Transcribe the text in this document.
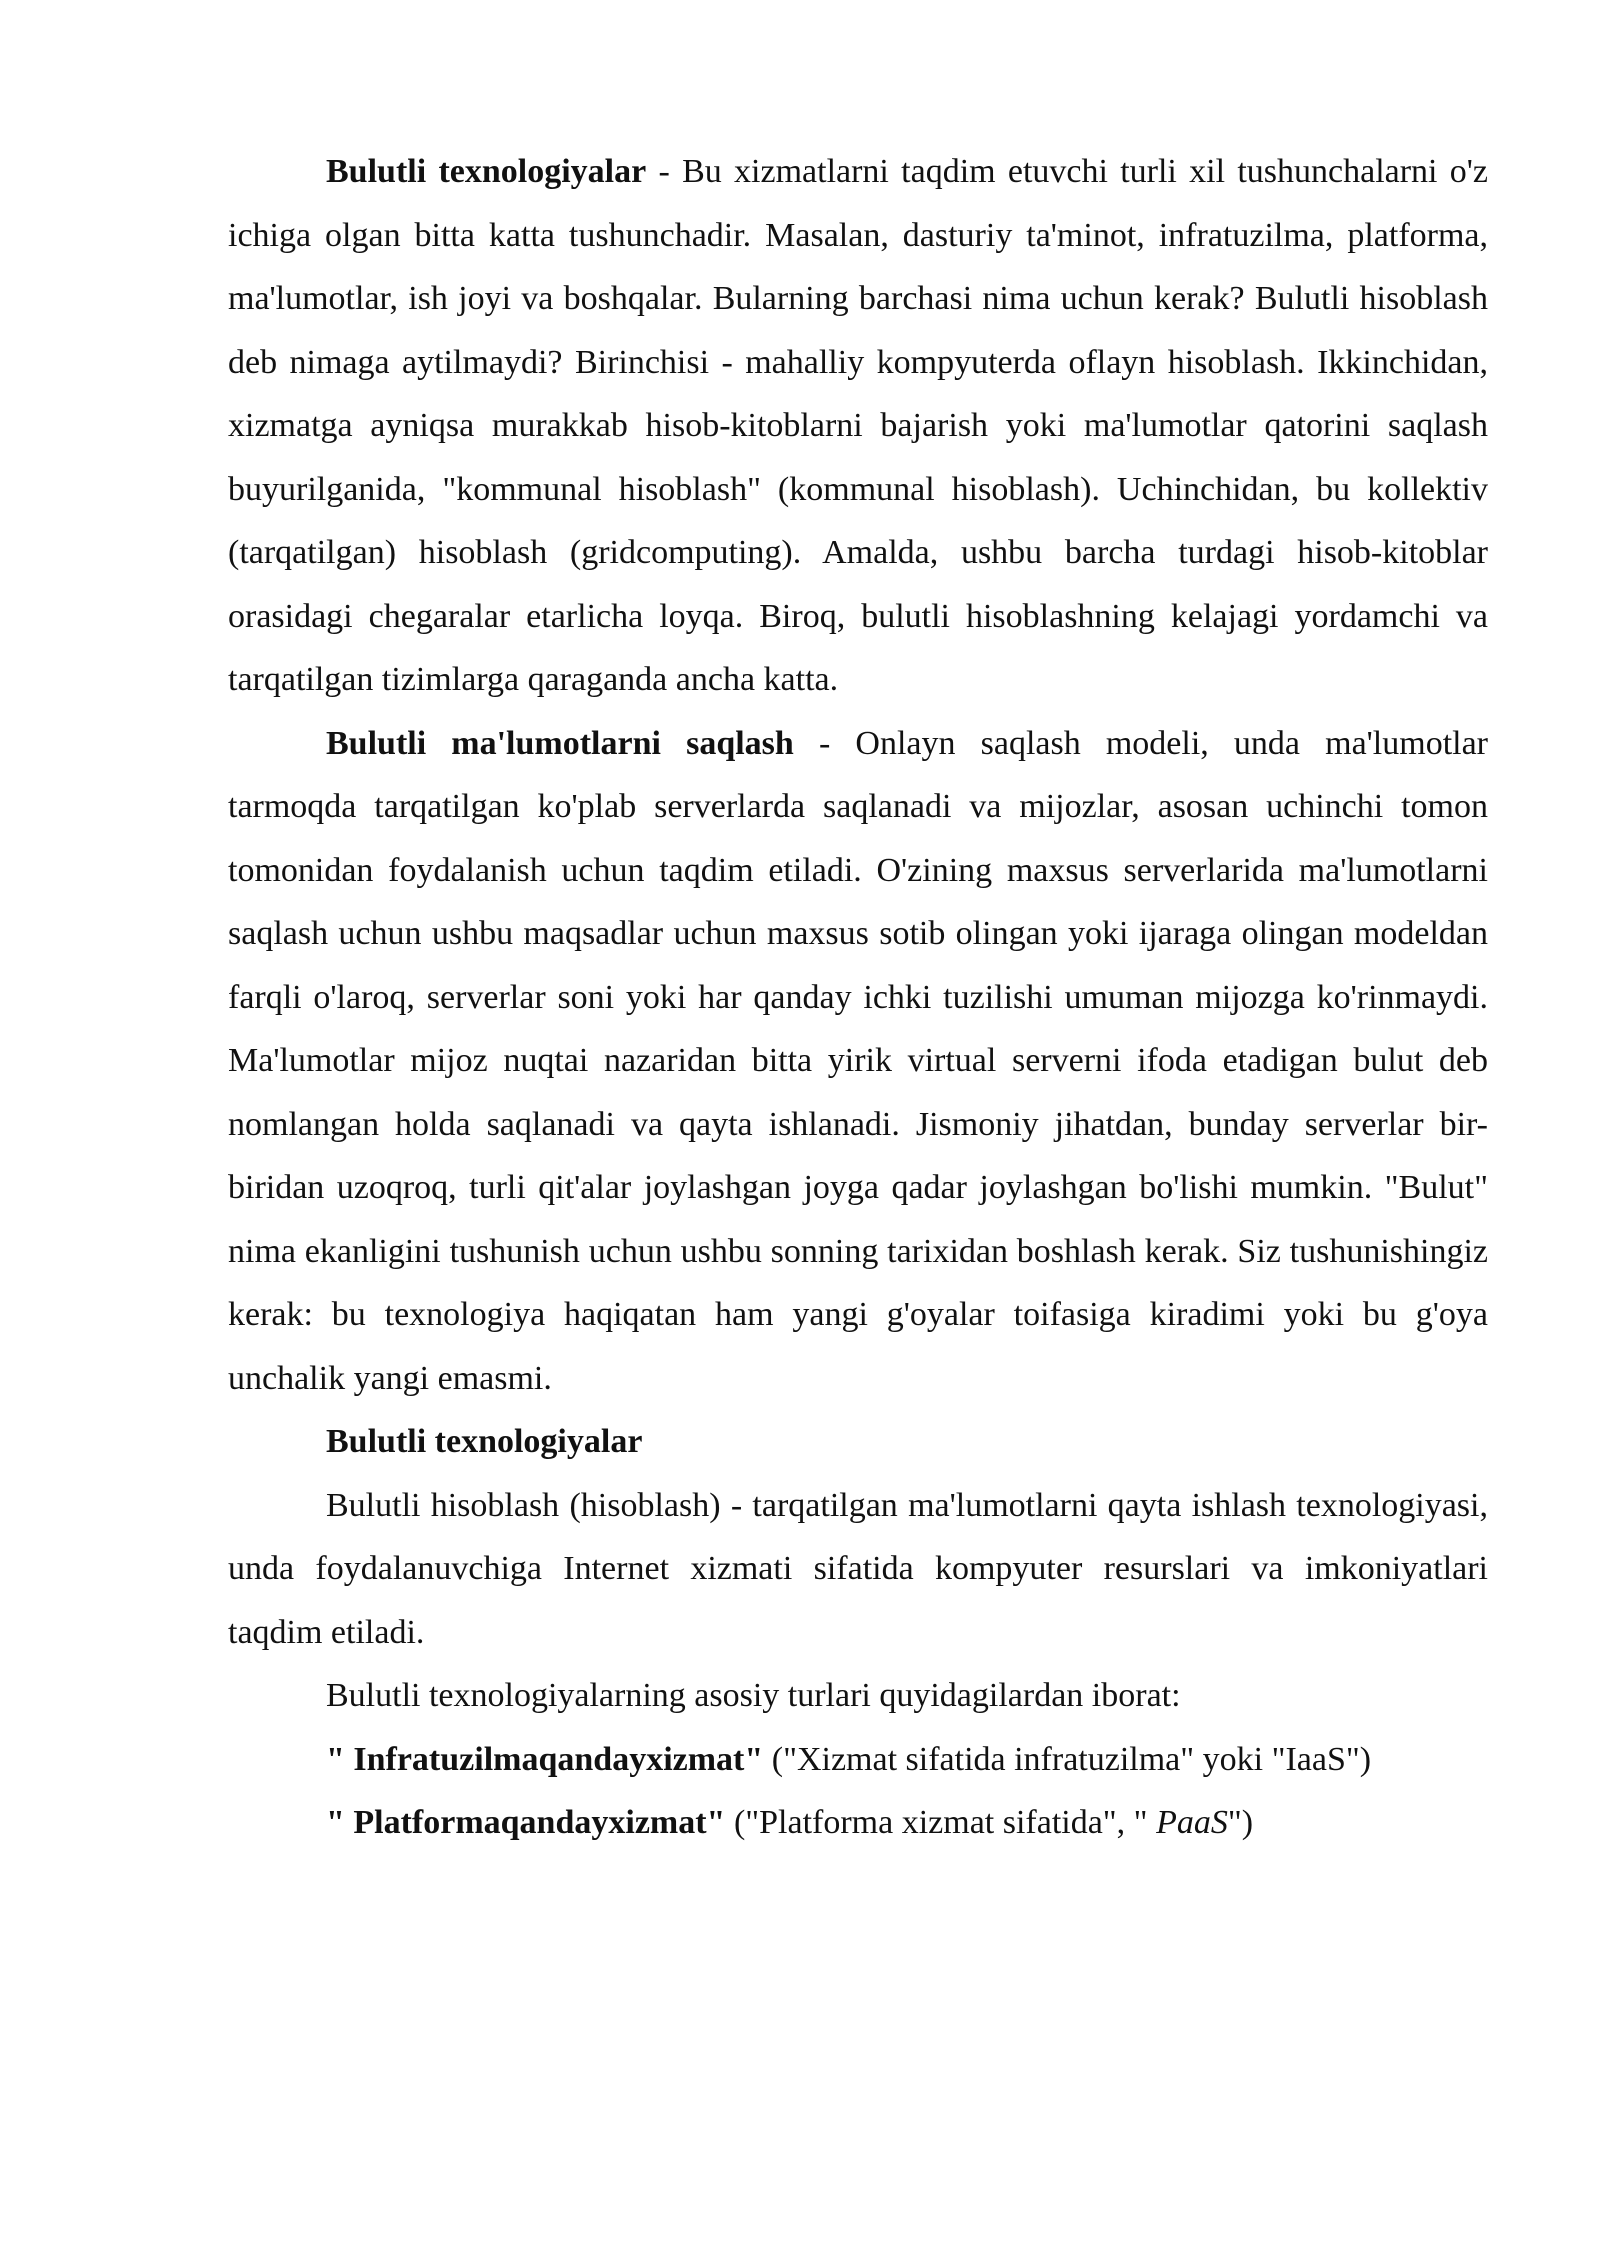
Bulutli texnologiyalar - Bu xizmatlarni taqdim etuvchi turli xil tushunchalarni o'z ichiga olgan bitta katta tushunchadir. Masalan, dasturiy ta'minot, infratuzilma, platforma, ma'lumotlar, ish joyi va boshqalar. Bularning barchasi nima uchun kerak? Bulutli hisoblash deb nimaga aytilmaydi? Birinchisi - mahalliy kompyuterda oflayn hisoblash. Ikkinchidan, xizmatga ayniqsa murakkab hisob-kitoblarni bajarish yoki ma'lumotlar qatorini saqlash buyurilganida, "kommunal hisoblash" (kommunal hisoblash). Uchinchidan, bu kollektiv (tarqatilgan) hisoblash (gridcomputing). Amalda, ushbu barcha turdagi hisob-kitoblar orasidagi chegaralar etarlicha loyqa. Biroq, bulutli hisoblashning kelajagi yordamchi va tarqatilgan tizimlarga qaraganda ancha katta.

Bulutli ma'lumotlarni saqlash - Onlayn saqlash modeli, unda ma'lumotlar tarmoqda tarqatilgan ko'plab serverlarda saqlanadi va mijozlar, asosan uchinchi tomon tomonidan foydalanish uchun taqdim etiladi. O'zining maxsus serverlarida ma'lumotlarni saqlash uchun ushbu maqsadlar uchun maxsus sotib olingan yoki ijaraga olingan modeldan farqli o'laroq, serverlar soni yoki har qanday ichki tuzilishi umuman mijozga ko'rinmaydi. Ma'lumotlar mijoz nuqtai nazaridan bitta yirik virtual serverni ifoda etadigan bulut deb nomlangan holda saqlanadi va qayta ishlanadi. Jismoniy jihatdan, bunday serverlar bir-biridan uzoqroq, turli qit'alar joylashgan joyga qadar joylashgan bo'lishi mumkin. "Bulut" nima ekanligini tushunish uchun ushbu sonning tarixidan boshlash kerak. Siz tushunishingiz kerak: bu texnologiya haqiqatan ham yangi g'oyalar toifasiga kiradimi yoki bu g'oya unchalik yangi emasmi.

Bulutli texnologiyalar

Bulutli hisoblash (hisoblash) - tarqatilgan ma'lumotlarni qayta ishlash texnologiyasi, unda foydalanuvchiga Internet xizmati sifatida kompyuter resurslari va imkoniyatlari taqdim etiladi.

Bulutli texnologiyalarning asosiy turlari quyidagilardan iborat:

" Infratuzilmaqandayxizmat" ("Xizmat sifatida infratuzilma" yoki "IaaS")

" Platformaqandayxizmat" ("Platforma xizmat sifatida", " PaaS")
